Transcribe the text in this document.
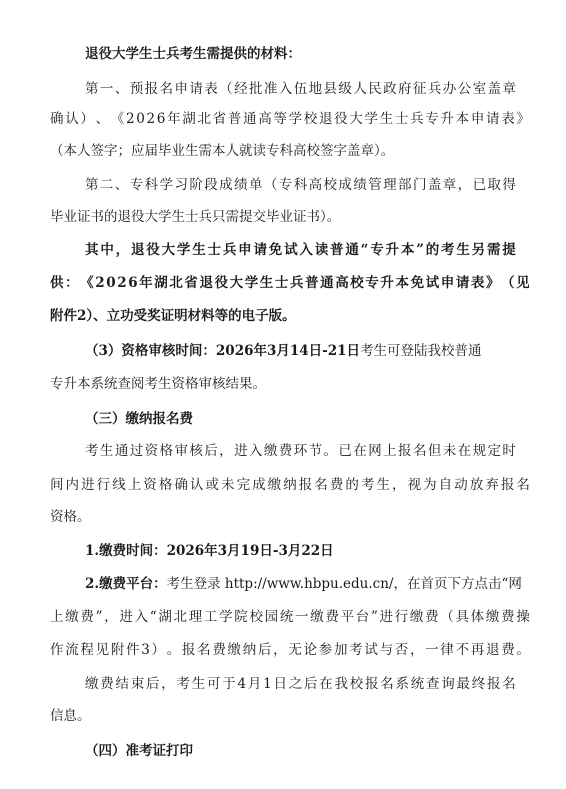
退役大学生士兵考生需提供的材料：
第 一 、 预 报 名 申 请 表 （ 经 批 准 入 伍 地 县 级 人 民 政 府 征 兵 办 公 室 盖 章
确 认 ） 、 《 2 0 2 6 年 湖 北 省 普 通 高 等 学 校 退 役 大 学 生 士 兵 专 升 本 申 请 表 》
（本人签字；应届毕业生需本人就读专科高校签字盖章）。
第 二 、 专 科 学 习 阶 段 成 绩 单 （ 专 科 高 校 成 绩 管 理 部 门 盖 章 ， 已 取 得
毕业证书的退役大学生士兵只需提交毕业证书）。
其 中 ， 退 役 大 学 生 士 兵 申 请 免 试 入 读 普 通 “ 专 升 本 ” 的 考 生 另 需 提
供 ： 《 2 0 2 6 年 湖 北 省 退 役 大 学 生 士 兵 普 通 高 校 专 升 本 免 试 申 请 表 》 （ 见
附件2）、立功受奖证明材料等的电子版。
（3）资格审核时间：2026年3月14日-21日考生可登陆我校普通
专升本系统查阅考生资格审核结果。
（三）缴纳报名费
考 生 通 过 资 格 审 核 后 ， 进 入 缴 费 环 节 。 已 在 网 上 报 名 但 未 在 规 定 时
间 内 进 行 线 上 资 格 确 认 或 未 完 成 缴 纳 报 名 费 的 考 生 ， 视 为 自 动 放 弃 报 名
资格。
1.缴费时间：2026年3月19日-3月22日
2.缴费平台：考生登录 http://www.hbpu.edu.cn/，在首页下方点击“网
上 缴 费 ” ， 进 入 “ 湖 北 理 工 学 院 校 园 统 一 缴 费 平 台 ” 进 行 缴 费 （ 具 体 缴 费 操
作 流 程 见 附 件 3 ） 。 报 名 费 缴 纳 后 ， 无 论 参 加 考 试 与 否 ， 一 律 不 再 退 费 。
缴 费 结 束 后 ， 考 生 可 于 4 月 1 日 之 后 在 我 校 报 名 系 统 查 询 最 终 报 名
信息。
（四）准考证打印
